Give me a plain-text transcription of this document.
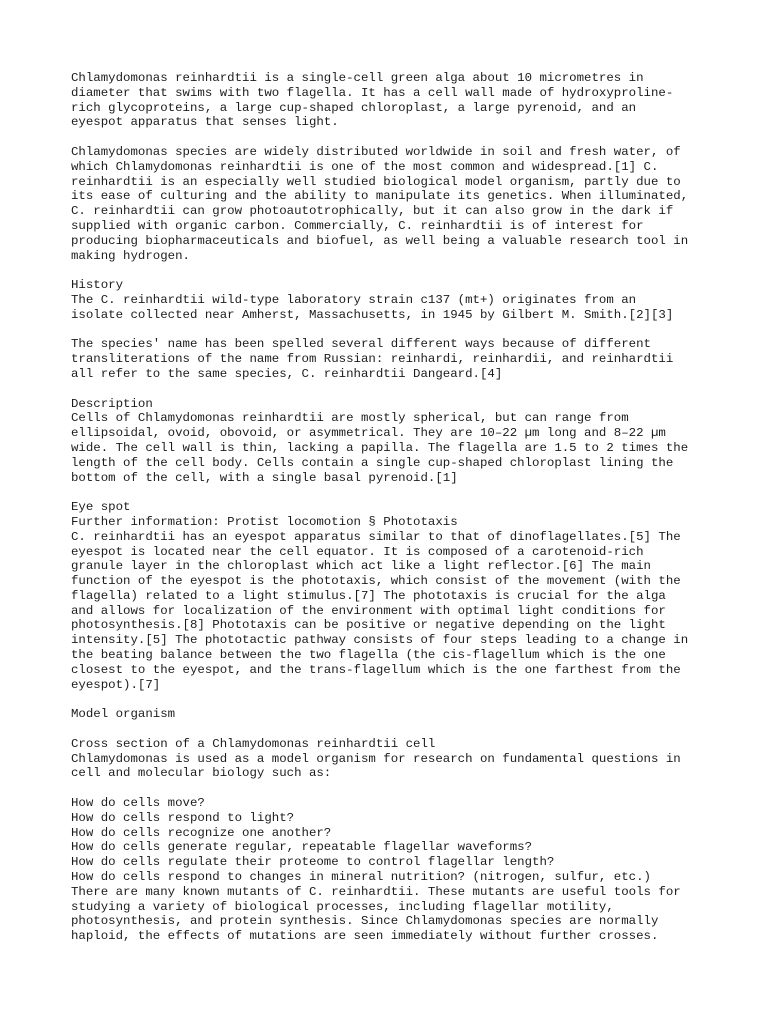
Chlamydomonas reinhardtii is a single-cell green alga about 10 micrometres in
diameter that swims with two flagella. It has a cell wall made of hydroxyproline-
rich glycoproteins, a large cup-shaped chloroplast, a large pyrenoid, and an
eyespot apparatus that senses light.
Chlamydomonas species are widely distributed worldwide in soil and fresh water, of
which Chlamydomonas reinhardtii is one of the most common and widespread.[1] C.
reinhardtii is an especially well studied biological model organism, partly due to
its ease of culturing and the ability to manipulate its genetics. When illuminated,
C. reinhardtii can grow photoautotrophically, but it can also grow in the dark if
supplied with organic carbon. Commercially, C. reinhardtii is of interest for
producing biopharmaceuticals and biofuel, as well being a valuable research tool in
making hydrogen.
History
The C. reinhardtii wild-type laboratory strain c137 (mt+) originates from an
isolate collected near Amherst, Massachusetts, in 1945 by Gilbert M. Smith.[2][3]
The species' name has been spelled several different ways because of different
transliterations of the name from Russian: reinhardi, reinhardii, and reinhardtii
all refer to the same species, C. reinhardtii Dangeard.[4]
Description
Cells of Chlamydomonas reinhardtii are mostly spherical, but can range from
ellipsoidal, ovoid, obovoid, or asymmetrical. They are 10–22 µm long and 8–22 µm
wide. The cell wall is thin, lacking a papilla. The flagella are 1.5 to 2 times the
length of the cell body. Cells contain a single cup-shaped chloroplast lining the
bottom of the cell, with a single basal pyrenoid.[1]
Eye spot
Further information: Protist locomotion § Phototaxis
C. reinhardtii has an eyespot apparatus similar to that of dinoflagellates.[5] The
eyespot is located near the cell equator. It is composed of a carotenoid-rich
granule layer in the chloroplast which act like a light reflector.[6] The main
function of the eyespot is the phototaxis, which consist of the movement (with the
flagella) related to a light stimulus.[7] The phototaxis is crucial for the alga
and allows for localization of the environment with optimal light conditions for
photosynthesis.[8] Phototaxis can be positive or negative depending on the light
intensity.[5] The phototactic pathway consists of four steps leading to a change in
the beating balance between the two flagella (the cis-flagellum which is the one
closest to the eyespot, and the trans-flagellum which is the one farthest from the
eyespot).[7]
Model organism
Cross section of a Chlamydomonas reinhardtii cell
Chlamydomonas is used as a model organism for research on fundamental questions in
cell and molecular biology such as:
How do cells move?
How do cells respond to light?
How do cells recognize one another?
How do cells generate regular, repeatable flagellar waveforms?
How do cells regulate their proteome to control flagellar length?
How do cells respond to changes in mineral nutrition? (nitrogen, sulfur, etc.)
There are many known mutants of C. reinhardtii. These mutants are useful tools for
studying a variety of biological processes, including flagellar motility,
photosynthesis, and protein synthesis. Since Chlamydomonas species are normally
haploid, the effects of mutations are seen immediately without further crosses.
